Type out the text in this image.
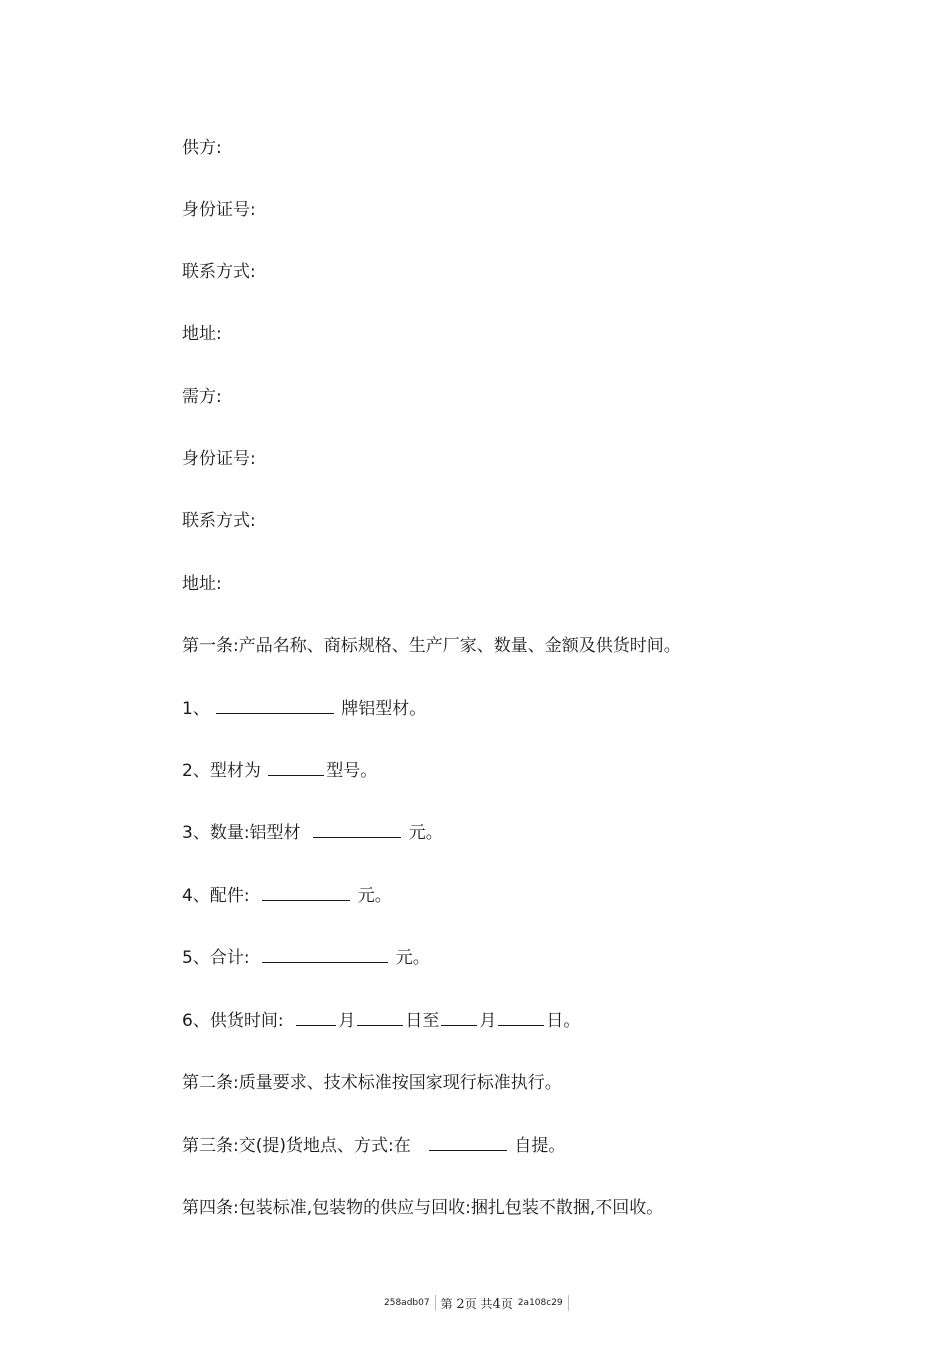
供方:
身份证号:
联系方式:
地址:
需方:
身份证号:
联系方式:
地址:
第一条:产品名称、商标规格、生产厂家、数量、金额及供货时间。
1、	牌铝型材。
2、型材为	型号。
3、数量:铝型材	元。
4、配件:	元。
5、合计:	元。
6、供货时间:	月	日至 月	日。
第二条:质量要求、技术标准按国家现行标准执行。
第三条:交(提)货地点、方式:在	自提。
第四条:包装标准,包装物的供应与回收:捆扎包装不散捆,不回收。
258adb07 第 2页 共4页 2a108c29
